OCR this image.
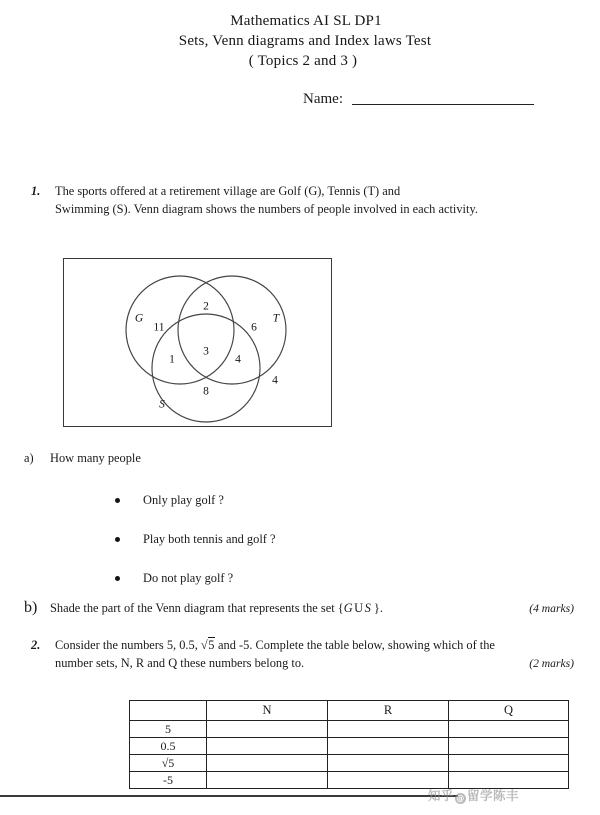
Mathematics AI SL DP1
Sets, Venn diagrams and Index laws Test
( Topics 2 and 3 )
Name:
1.	The sports offered at a retirement village are Golf (G), Tennis (T) and

Swimming (S). Venn diagram shows the numbers of people involved in each activity.

G	T
S
11
2
6
1
3
4
8
4
a)	How many people
Only play golf ?
Play both tennis and golf ?
Do not play golf ?
b)	Shade the part of the Venn diagram that represents the set {G U S }.	(4 marks)
2.	Consider the numbers 5, 0.5, √5 and -5. Complete the table below, showing which of the

number sets, N, R and Q these numbers belong to.	(2 marks)
	N	R	Q
5			
0.5			
√5			
-5			
知乎 @ 留学陈丰
